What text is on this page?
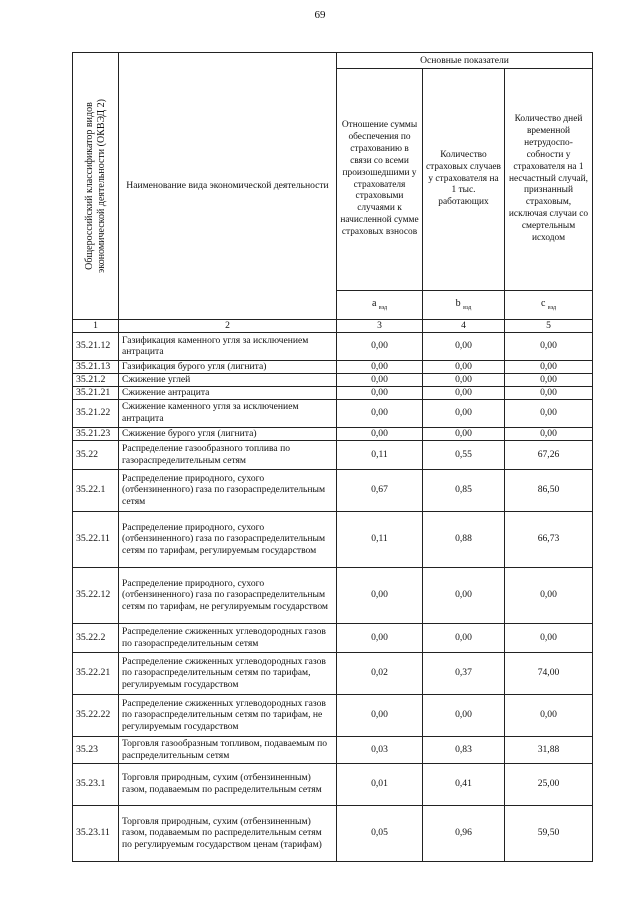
69
Общероссийский классификатор видов экономической деятельности (ОКВЭД 2)	Наименование вида экономической деятельности	Основные показатели		
		Отношение суммы обеспечения по страхованию в связи со всеми произошедшими у страхователя страховыми случаями к начисленной сумме страховых взносов	Количество страховых случаев у страхователя на 1 тыс. работающих	Количество дней временной нетрудоспо- собности у страхователя на 1 несчастный случай, признанный страховым, исключая случаи со смертельным исходом
		a $_{вэд}$	b $_{вэд}$	c $_{вэд}$
1	2	3	4	5
35.21.12	Газификация каменного угля за исключением антрацита	0,00	0,00	0,00
35.21.13	Газификация бурого угля (лигнита)	0,00	0,00	0,00
35.21.2	Сжижение углей	0,00	0,00	0,00
35.21.21	Сжижение антрацита	0,00	0,00	0,00
35.21.22	Сжижение каменного угля за исключением антрацита	0,00	0,00	0,00
35.21.23	Сжижение бурого угля (лигнита)	0,00	0,00	0,00
35.22	Распределение газообразного топлива по газораспределительным сетям	0,11	0,55	67,26
35.22.1	Распределение природного, сухого (отбензиненного) газа по газораспределительным сетям	0,67	0,85	86,50
35.22.11	Распределение природного, сухого (отбензиненного) газа по газораспределительным сетям по тарифам, регулируемым государством	0,11	0,88	66,73
35.22.12	Распределение природного, сухого (отбензиненного) газа по газораспределительным сетям по тарифам, не регулируемым государством	0,00	0,00	0,00
35.22.2	Распределение сжиженных углеводородных газов по газораспределительным сетям	0,00	0,00	0,00
35.22.21	Распределение сжиженных углеводородных газов по газораспределительным сетям по тарифам, регулируемым государством	0,02	0,37	74,00
35.22.22	Распределение сжиженных углеводородных газов по газораспределительным сетям по тарифам, не регулируемым государством	0,00	0,00	0,00
35.23	Торговля газообразным топливом, подаваемым по распределительным сетям	0,03	0,83	31,88
35.23.1	Торговля природным, сухим (отбензиненным) газом, подаваемым по распределительным сетям	0,01	0,41	25,00
35.23.11	Торговля природным, сухим (отбензиненным) газом, подаваемым по распределительным сетям по регулируемым государством ценам (тарифам)	0,05	0,96	59,50
